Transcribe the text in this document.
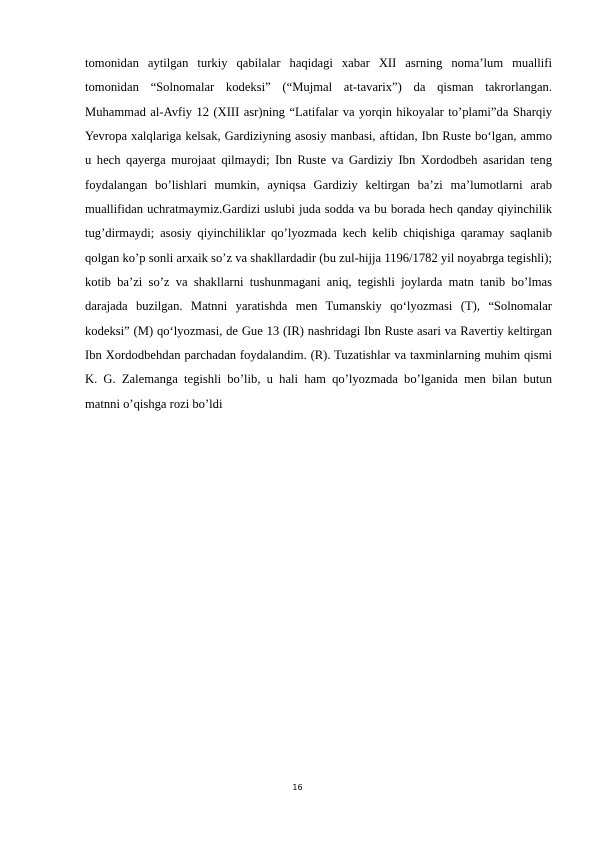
tomonidan aytilgan turkiy qabilalar haqidagi xabar XII asrning noma’lum muallifi tomonidan “Solnomalar kodeksi” (“Mujmal at-tavarix”) da qisman takrorlangan. Muhammad al-Avfiy 12 (XIII asr)ning “Latifalar va yorqin hikoyalar to’plami”da Sharqiy Yevropa xalqlariga kelsak, Gardiziyning asosiy manbasi, aftidan, Ibn Ruste bo‘lgan, ammo u hech qayerga murojaat qilmaydi; Ibn Ruste va Gardiziy Ibn Xordodbeh asaridan teng foydalangan bo’lishlari mumkin, ayniqsa Gardiziy keltirgan ba’zi ma’lumotlarni arab muallifidan uchratmaymiz.Gardizi uslubi juda sodda va bu borada hech qanday qiyinchilik tug’dirmaydi; asosiy qiyinchiliklar qo’lyozmada kech kelib chiqishiga qaramay saqlanib qolgan ko’p sonli arxaik so’z va shakllardadir (bu zul-hijja 1196/1782 yil noyabrga tegishli); kotib ba’zi so’z va shakllarni tushunmagani aniq, tegishli joylarda matn tanib bo’lmas darajada buzilgan. Matnni yaratishda men Tumanskiy qo‘lyozmasi (T), “Solnomalar kodeksi” (M) qo‘lyozmasi, de Gue 13 (IR) nashridagi Ibn Ruste asari va Ravertiy keltirgan Ibn Xordodbehdan parchadan foydalandim. (R). Tuzatishlar va taxminlarning muhim qismi K. G. Zalemanga tegishli bo’lib, u hali ham qo’lyozmada bo’lganida men bilan butun matnni o’qishga rozi bo’ldi

16
